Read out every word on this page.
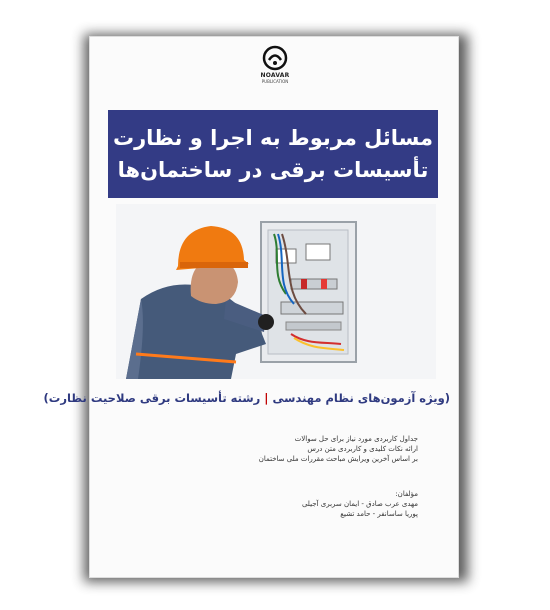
NOAVAR
PUBLICATION
مسائل مربوط به اجرا و نظارت
تأسیسات برقی در ساختمان‌ها
(ویژه آزمون‌های نظام مهندسی | رشته تأسیسات برقی صلاحیت نظارت)
جداول کاربردی مورد نیاز برای حل سوالات
ارائه نکات کلیدی و کاربردی متن درس
بر اساس آخرین ویرایش مباحث مقررات ملی ساختمان
مؤلفان:
مهدی عرب صادق - ایمان سربری آجیلی
پوریا ساسانفر - حامد تشیع
